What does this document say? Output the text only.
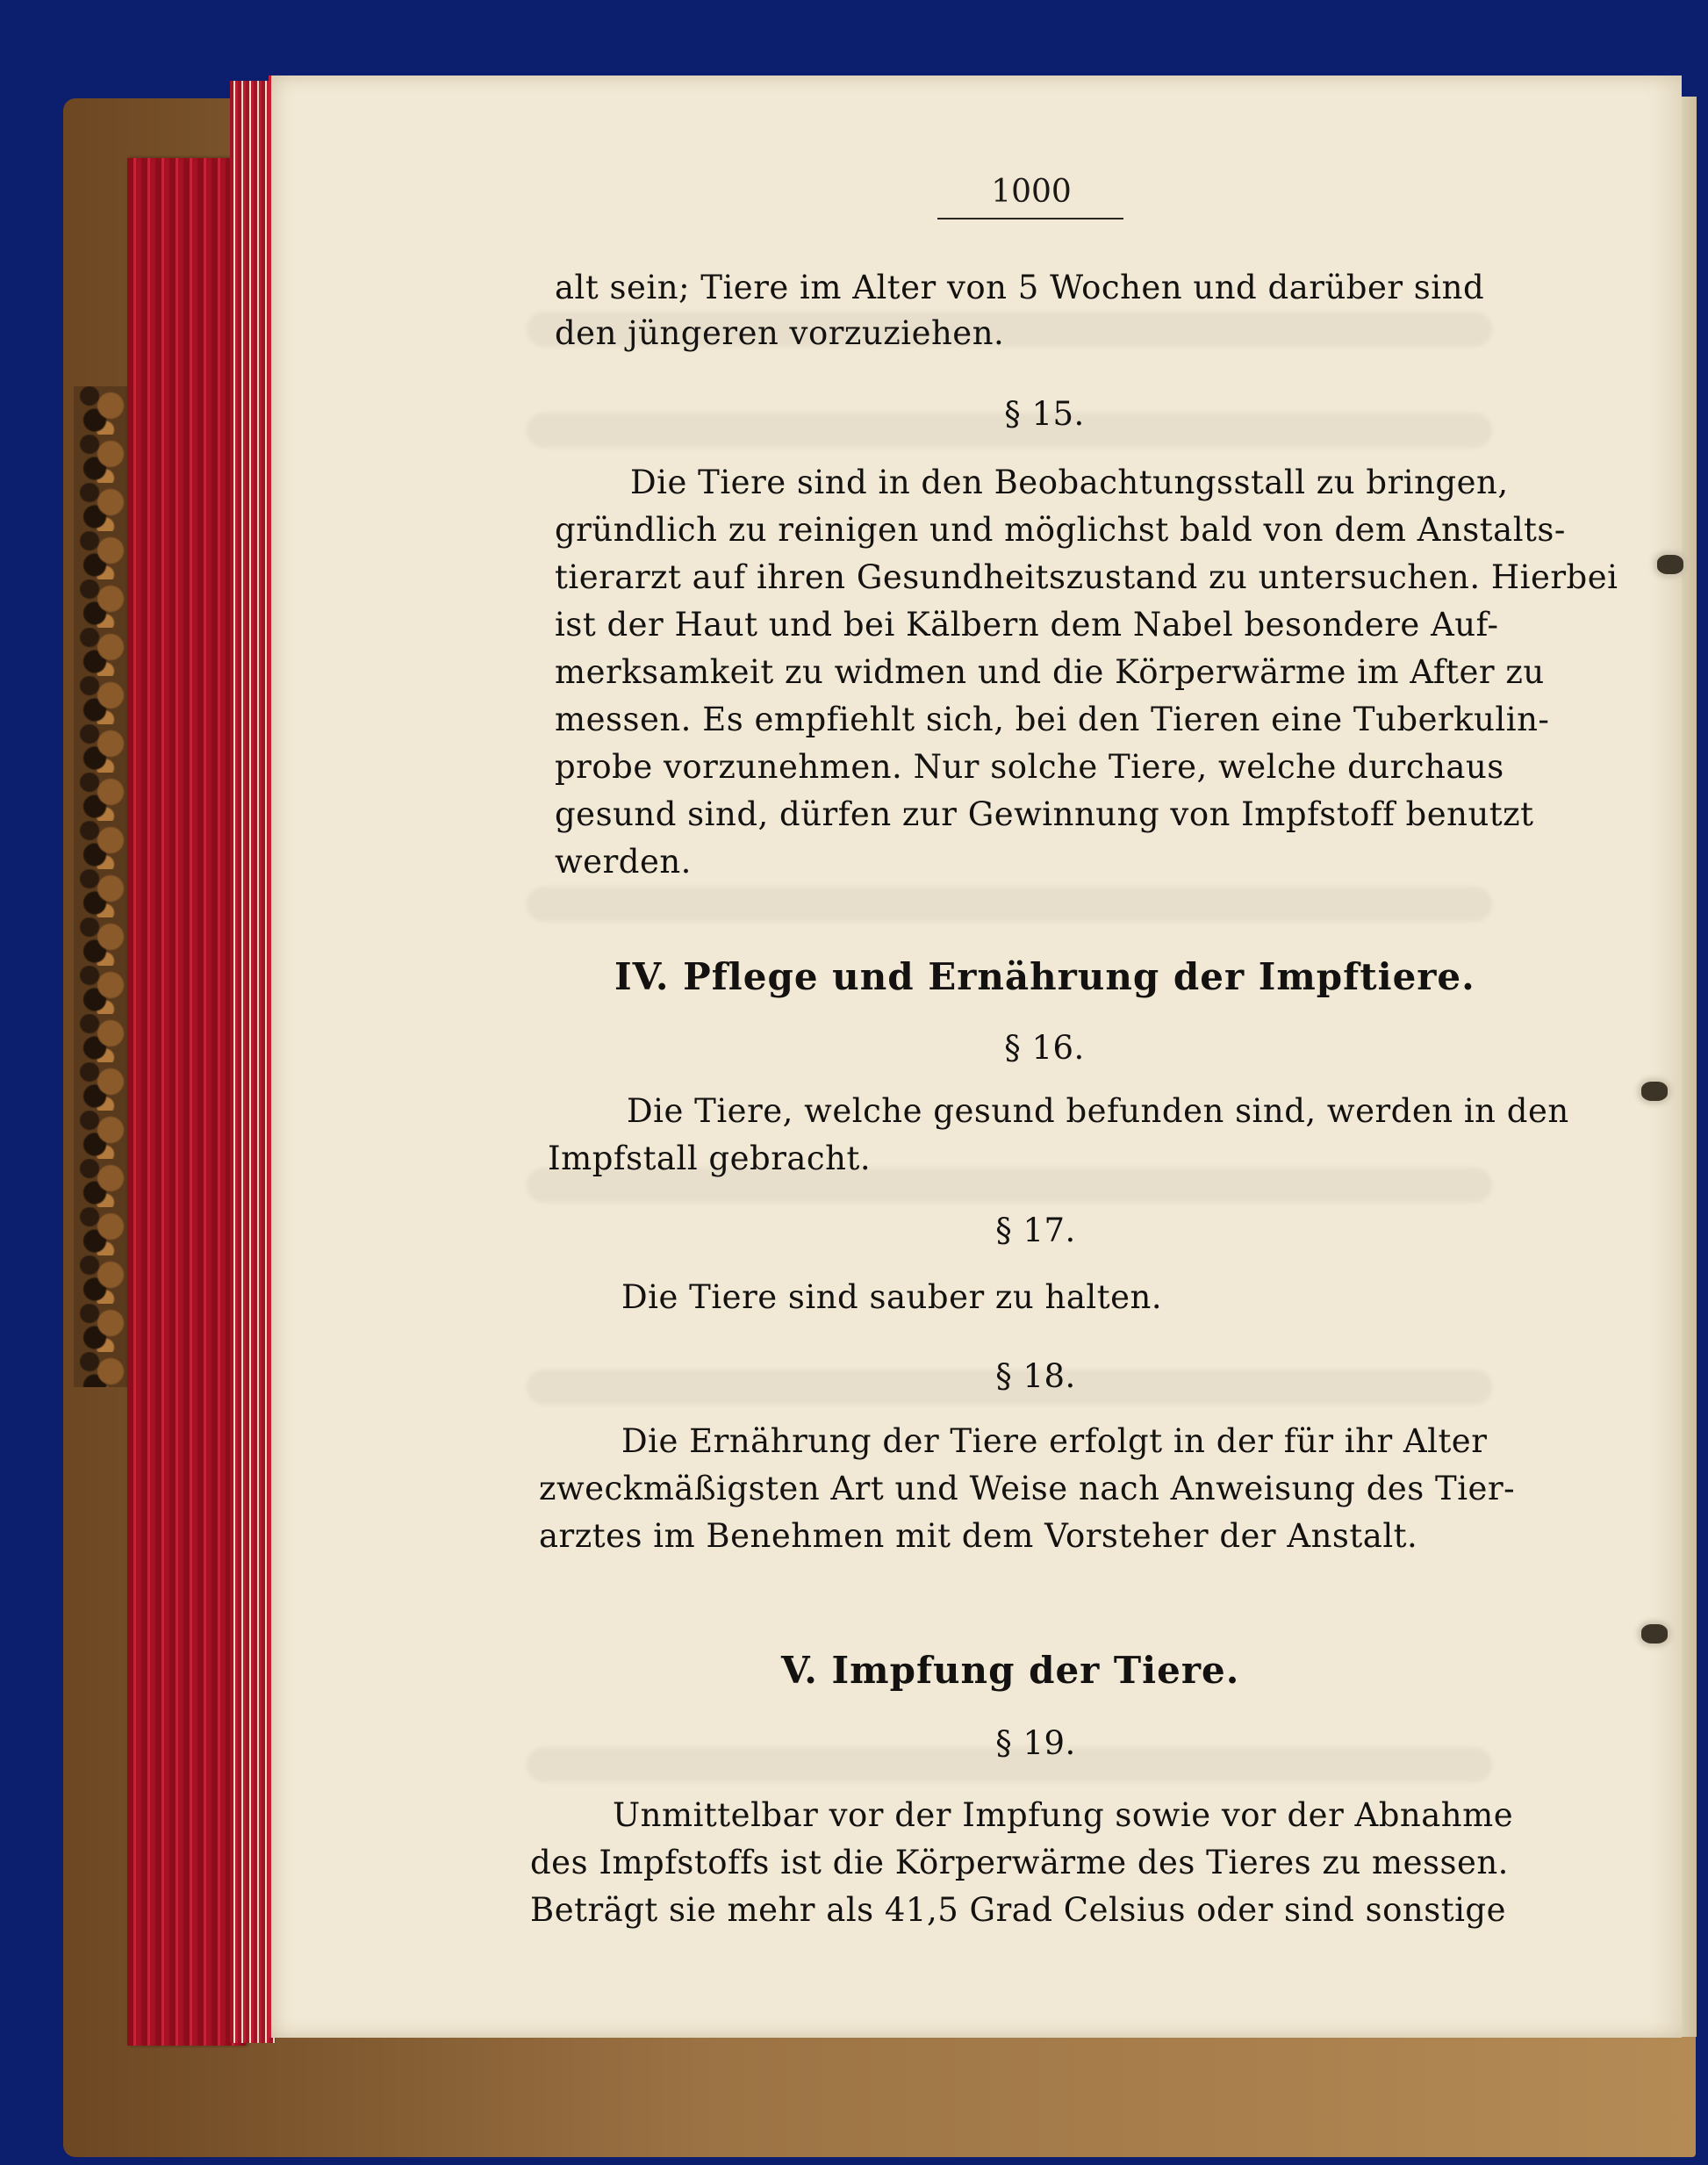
1000
alt sein; Tiere im Alter von 5 Wochen und darüber sind
den jüngeren vorzuziehen.
§ 15.
Die Tiere sind in den Beobachtungsstall zu bringen,
gründlich zu reinigen und möglichst bald von dem Anstalts-
tierarzt auf ihren Gesundheitszustand zu untersuchen. Hierbei
ist der Haut und bei Kälbern dem Nabel besondere Auf-
merksamkeit zu widmen und die Körperwärme im After zu
messen. Es empfiehlt sich, bei den Tieren eine Tuberkulin-
probe vorzunehmen. Nur solche Tiere, welche durchaus
gesund sind, dürfen zur Gewinnung von Impfstoff benutzt
werden.
IV. Pflege und Ernährung der Impftiere.
§ 16.
Die Tiere, welche gesund befunden sind, werden in den
Impfstall gebracht.
§ 17.
Die Tiere sind sauber zu halten.
§ 18.
Die Ernährung der Tiere erfolgt in der für ihr Alter
zweckmäßigsten Art und Weise nach Anweisung des Tier-
arztes im Benehmen mit dem Vorsteher der Anstalt.
V. Impfung der Tiere.
§ 19.
Unmittelbar vor der Impfung sowie vor der Abnahme
des Impfstoffs ist die Körperwärme des Tieres zu messen.
Beträgt sie mehr als 41,5 Grad Celsius oder sind sonstige
